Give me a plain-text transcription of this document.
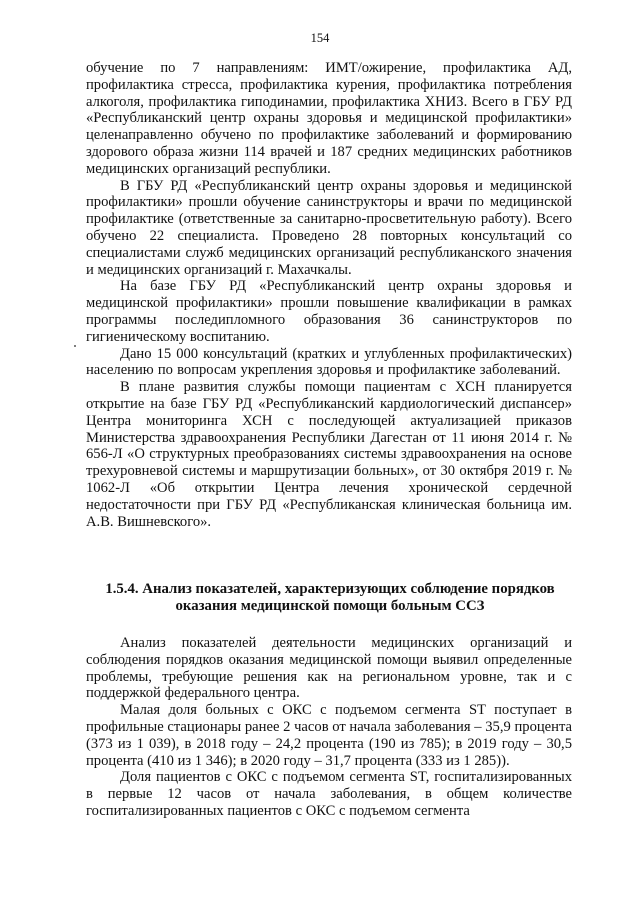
154

обучение по 7 направлениям: ИМТ/ожирение, профилактика АД, профилактика стресса, профилактика курения, профилактика потребления алкоголя, профилактика гиподинамии, профилактика ХНИЗ. Всего в ГБУ РД «Республиканский центр охраны здоровья и медицинской профилактики» целенаправленно обучено по профилактике заболеваний и формированию здорового образа жизни 114 врачей и 187 средних медицинских работников медицинских организаций республики.

В ГБУ РД «Республиканский центр охраны здоровья и медицинской профилактики» прошли обучение санинструкторы и врачи по медицинской профилактике (ответственные за санитарно-просветительную работу). Всего обучено 22 специалиста. Проведено 28 повторных консультаций со специалистами служб медицинских организаций республиканского значения и медицинских организаций г. Махачкалы.

На базе ГБУ РД «Республиканский центр охраны здоровья и медицинской профилактики» прошли повышение квалификации в рамках программы последипломного образования 36 санинструкторов по гигиеническому воспитанию.

Дано 15 000 консультаций (кратких и углубленных профилактических) населению по вопросам укрепления здоровья и профилактике заболеваний.

В плане развития службы помощи пациентам с ХСН планируется открытие на базе ГБУ РД «Республиканский кардиологический диспансер» Центра мониторинга ХСН с последующей актуализацией приказов Министерства здравоохранения Республики Дагестан от 11 июня 2014 г. № 656-Л «О структурных преобразованиях системы здравоохранения на основе трехуровневой системы и маршрутизации больных», от 30 октября 2019 г. № 1062-Л «Об открытии Центра лечения хронической сердечной недостаточности при ГБУ РД «Республиканская клиническая больница им. А.В. Вишневского».

1.5.4. Анализ показателей, характеризующих соблюдение порядков
оказания медицинской помощи больным ССЗ

Анализ показателей деятельности медицинских организаций и соблюдения порядков оказания медицинской помощи выявил определенные проблемы, требующие решения как на региональном уровне, так и с поддержкой федерального центра.

Малая доля больных с ОКС с подъемом сегмента ST поступает в профильные стационары ранее 2 часов от начала заболевания – 35,9 процента (373 из 1 039), в 2018 году – 24,2 процента (190 из 785); в 2019 году – 30,5 процента (410 из 1 346); в 2020 году – 31,7 процента (333 из 1 285)).

Доля пациентов с ОКС с подъемом сегмента ST, госпитализированных в первые 12 часов от начала заболевания, в общем количестве госпитализированных пациентов с ОКС с подъемом сегмента
